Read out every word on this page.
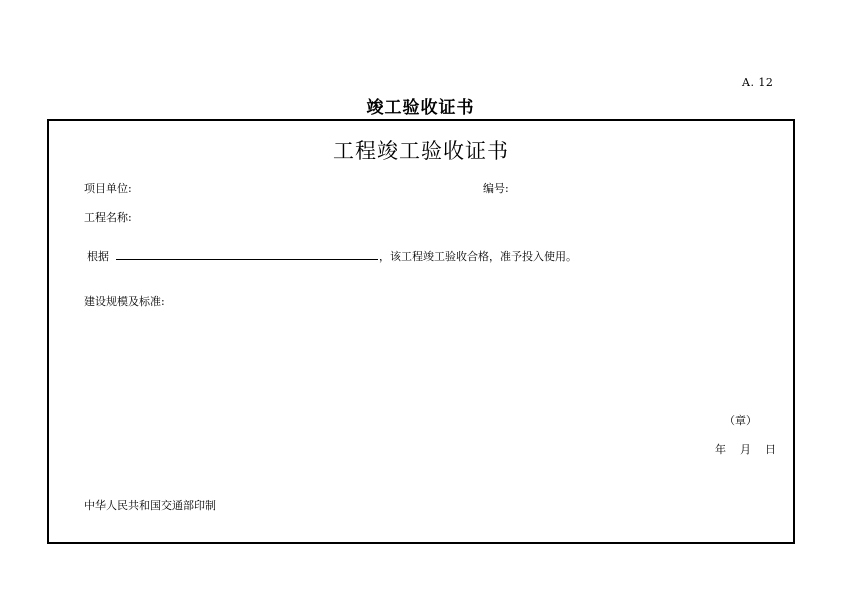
A. 12
竣工验收证书
工程竣工验收证书
项目单位:	编号:
工程名称:
根据	，该工程竣工验收合格，准予投入使用。
建设规模及标准:
（章）
年 月 日
中华人民共和国交通部印制
